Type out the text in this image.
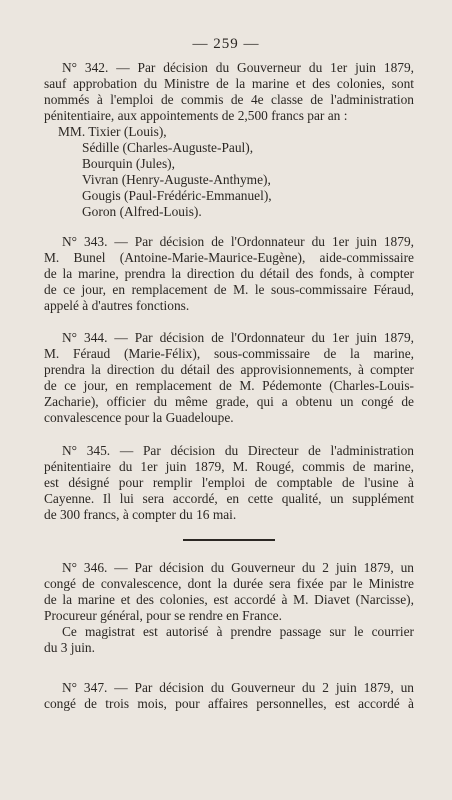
— 259 —
N° 342. — Par décision du Gouverneur du 1er juin 1879,
sauf approbation du Ministre de la marine et des colonies, sont
nommés à l'emploi de commis de 4e classe de l'administration
pénitentiaire, aux appointements de 2,500 francs par an :
MM. Tixier (Louis),
Sédille (Charles-Auguste-Paul),
Bourquin (Jules),
Vivran (Henry-Auguste-Anthyme),
Gougis (Paul-Frédéric-Emmanuel),
Goron (Alfred-Louis).
N° 343. — Par décision de l'Ordonnateur du 1er juin 1879,
M. Bunel (Antoine-Marie-Maurice-Eugène), aide-commissaire
de la marine, prendra la direction du détail des fonds, à compter
de ce jour, en remplacement de M. le sous-commissaire Féraud,
appelé à d'autres fonctions.
N° 344. — Par décision de l'Ordonnateur du 1er juin 1879,
M. Féraud (Marie-Félix), sous-commissaire de la marine,
prendra la direction du détail des approvisionnements, à compter
de ce jour, en remplacement de M. Pédemonte (Charles-Louis-
Zacharie), officier du même grade, qui a obtenu un congé de
convalescence pour la Guadeloupe.
N° 345. — Par décision du Directeur de l'administration
pénitentiaire du 1er juin 1879, M. Rougé, commis de marine,
est désigné pour remplir l'emploi de comptable de l'usine à
Cayenne. Il lui sera accordé, en cette qualité, un supplément
de 300 francs, à compter du 16 mai.
N° 346. — Par décision du Gouverneur du 2 juin 1879, un
congé de convalescence, dont la durée sera fixée par le Ministre
de la marine et des colonies, est accordé à M. Diavet (Narcisse),
Procureur général, pour se rendre en France.
Ce magistrat est autorisé à prendre passage sur le courrier
du 3 juin.
N° 347. — Par décision du Gouverneur du 2 juin 1879, un
congé de trois mois, pour affaires personnelles, est accordé à
